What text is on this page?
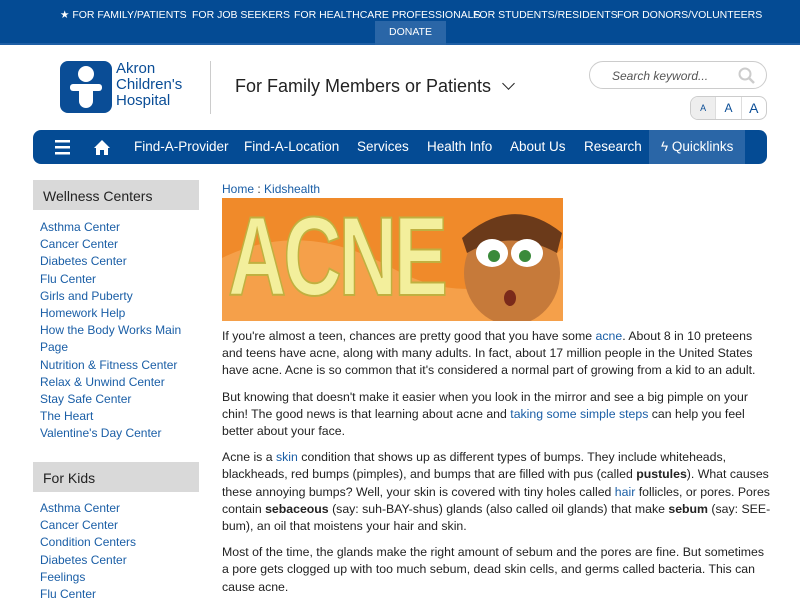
★ FOR FAMILY/PATIENTS FOR JOB SEEKERS FOR HEALTHCARE PROFESSIONALS
FOR STUDENTS/RESIDENTS FOR DONORS/VOLUNTEERS
DONATE NOW
Akron
Children's
Hospital
For Family Members or Patients	Search keyword...
A	A	A
Find-A-Provider Find-A-Location Services Health Info About Us Research	ϟ Quicklinks
Wellness Centers
Asthma Center
Cancer Center
Diabetes Center
Flu Center
Girls and Puberty
Homework Help
How the Body Works Main Page
Nutrition & Fitness Center
Relax & Unwind Center
Stay Safe Center
The Heart
Valentine's Day Center
For Kids
Asthma Center
Cancer Center
Condition Centers
Diabetes Center
Feelings
Flu Center
Home : Kidshealth
ACNE

If you're almost a teen, chances are pretty good that you have some acne. About 8 in 10 preteens and teens have acne, along with many adults. In fact, about 17 million people in the United States have acne. Acne is so common that it's considered a normal part of growing from a kid to an adult.

But knowing that doesn't make it easier when you look in the mirror and see a big pimple on your chin! The good news is that learning about acne and taking some simple steps can help you feel better about your face.

Acne is a skin condition that shows up as different types of bumps. They include whiteheads, blackheads, red bumps (pimples), and bumps that are filled with pus (called pustules). What causes these annoying bumps? Well, your skin is covered with tiny holes called hair follicles, or pores. Pores contain sebaceous (say: suh-BAY-shus) glands (also called oil glands) that make sebum (say: SEE-bum), an oil that moistens your hair and skin.

Most of the time, the glands make the right amount of sebum and the pores are fine. But sometimes a pore gets clogged up with too much sebum, dead skin cells, and germs called bacteria. This can cause acne.
